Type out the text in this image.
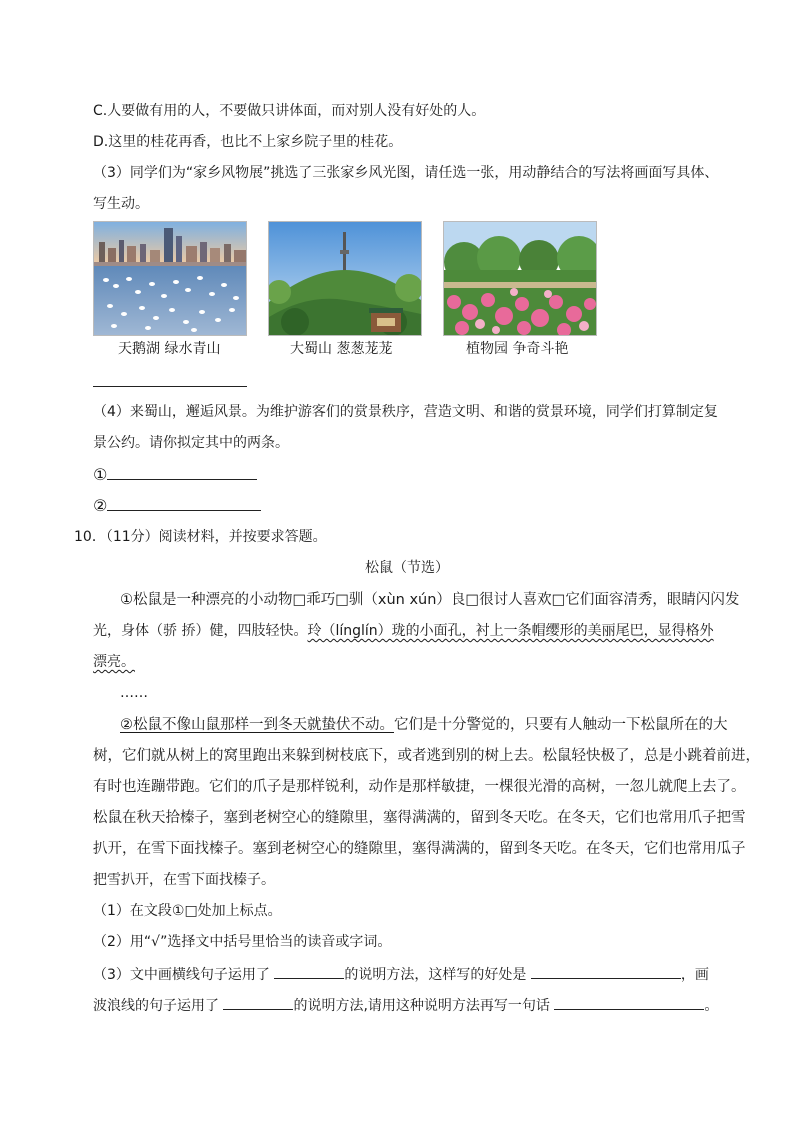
C.人要做有用的人，不要做只讲体面，而对别人没有好处的人。
D.这里的桂花再香，也比不上家乡院子里的桂花。
（3）同学们为“家乡风物展”挑选了三张家乡风光图，请任选一张，用动静结合的写法将画面写具体、
写生动。
天鹅湖 绿水青山	大蜀山 葱葱茏茏	植物园 争奇斗艳
（4）来蜀山，邂逅风景。为维护游客们的赏景秩序，营造文明、和谐的赏景环境，同学们打算制定复
景公约。请你拟定其中的两条。
①
②
10．（11分）阅读材料，并按要求答题。
松鼠（节选）
①松鼠是一种漂亮的小动物□乖巧□驯（xùn xún）良□很讨人喜欢□它们面容清秀，眼睛闪闪发
光，身体（骄 挢）健，四肢轻快。玲（línglín）珑的小面孔，衬上一条帽缨形的美丽尾巴，显得格外
漂亮。
……
②松鼠不像山鼠那样一到冬天就蛰伏不动。它们是十分警觉的，只要有人触动一下松鼠所在的大
树，它们就从树上的窝里跑出来躲到树枝底下，或者逃到别的树上去。松鼠轻快极了，总是小跳着前进，
有时也连蹦带跑。它们的爪子是那样锐利，动作是那样敏捷，一棵很光滑的高树，一忽儿就爬上去了。
松鼠在秋天拾榛子，塞到老树空心的缝隙里，塞得满满的，留到冬天吃。在冬天，它们也常用爪子把雪
扒开，在雪下面找榛子。塞到老树空心的缝隙里，塞得满满的，留到冬天吃。在冬天，它们也常用瓜子
把雪扒开，在雪下面找榛子。
（1）在文段①□处加上标点。
（2）用“√”选择文中括号里恰当的读音或字词。
（3）文中画横线句子运用了	的说明方法，这样写的好处是	，画
波浪线的句子运用了	的说明方法,请用这种说明方法再写一句话	。
